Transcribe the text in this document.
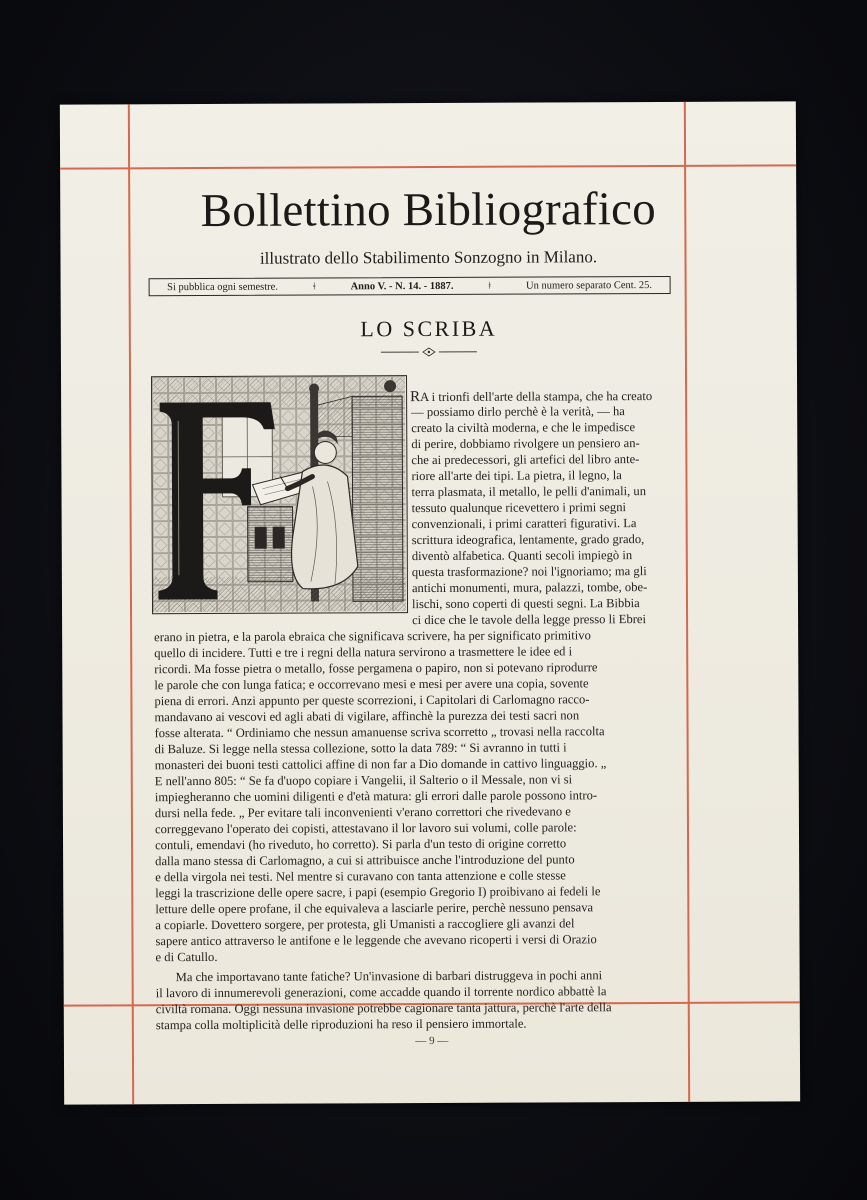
Bollettino Bibliografico
illustrato dello Stabilimento Sonzogno in Milano.
Si pubblica ogni semestre.	ǂ	Anno V. - N. 14. - 1887.	ǂ	Un numero separato Cent. 25.
LO SCRIBA
RA i trionfi dell'arte della stampa, che ha creato
— possiamo dirlo perchè è la verità, — ha
creato la civiltà moderna, e che le impedisce
di perire, dobbiamo rivolgere un pensiero an-
che ai predecessori, gli artefici del libro ante-
riore all'arte dei tipi. La pietra, il legno, la
terra plasmata, il metallo, le pelli d'animali, un
tessuto qualunque ricevettero i primi segni
convenzionali, i primi caratteri figurativi. La
scrittura ideografica, lentamente, grado grado,
diventò alfabetica. Quanti secoli impiegò in
questa trasformazione? noi l'ignoriamo; ma gli
antichi monumenti, mura, palazzi, tombe, obe-
lischi, sono coperti di questi segni. La Bibbia
ci dice che le tavole della legge presso li Ebrei
erano in pietra, e la parola ebraica che significava scrivere, ha per significato primitivo
quello di incidere. Tutti e tre i regni della natura servirono a trasmettere le idee ed i
ricordi. Ma fosse pietra o metallo, fosse pergamena o papiro, non si potevano riprodurre
le parole che con lunga fatica; e occorrevano mesi e mesi per avere una copia, sovente
piena di errori. Anzi appunto per queste scorrezioni, i Capitolari di Carlomagno racco-
mandavano ai vescovi ed agli abati di vigilare, affinchè la purezza dei testi sacri non
fosse alterata. “ Ordiniamo che nessun amanuense scriva scorretto „ trovasi nella raccolta
di Baluze. Si legge nella stessa collezione, sotto la data 789: “ Si avranno in tutti i
monasteri dei buoni testi cattolici affine di non far a Dio domande in cattivo linguaggio. „
E nell'anno 805: “ Se fa d'uopo copiare i Vangelii, il Salterio o il Messale, non vi si
impiegheranno che uomini diligenti e d'età matura: gli errori dalle parole possono intro-
dursi nella fede. „ Per evitare tali inconvenienti v'erano correttori che rivedevano e
correggevano l'operato dei copisti, attestavano il lor lavoro sui volumi, colle parole:
contuli, emendavi (ho riveduto, ho corretto). Si parla d'un testo di origine corretto
dalla mano stessa di Carlomagno, a cui si attribuisce anche l'introduzione del punto
e della virgola nei testi. Nel mentre si curavano con tanta attenzione e colle stesse
leggi la trascrizione delle opere sacre, i papi (esempio Gregorio I) proibivano ai fedeli le
letture delle opere profane, il che equivaleva a lasciarle perire, perchè nessuno pensava
a copiarle. Dovettero sorgere, per protesta, gli Umanisti a raccogliere gli avanzi del
sapere antico attraverso le antifone e le leggende che avevano ricoperti i versi di Orazio
e di Catullo.
Ma che importavano tante fatiche? Un'invasione di barbari distruggeva in pochi anni
il lavoro di innumerevoli generazioni, come accadde quando il torrente nordico abbattè la
civiltà romana. Oggi nessuna invasione potrebbe cagionare tanta jattura, perchè l'arte della
stampa colla moltiplicità delle riproduzioni ha reso il pensiero immortale.
— 9 —
